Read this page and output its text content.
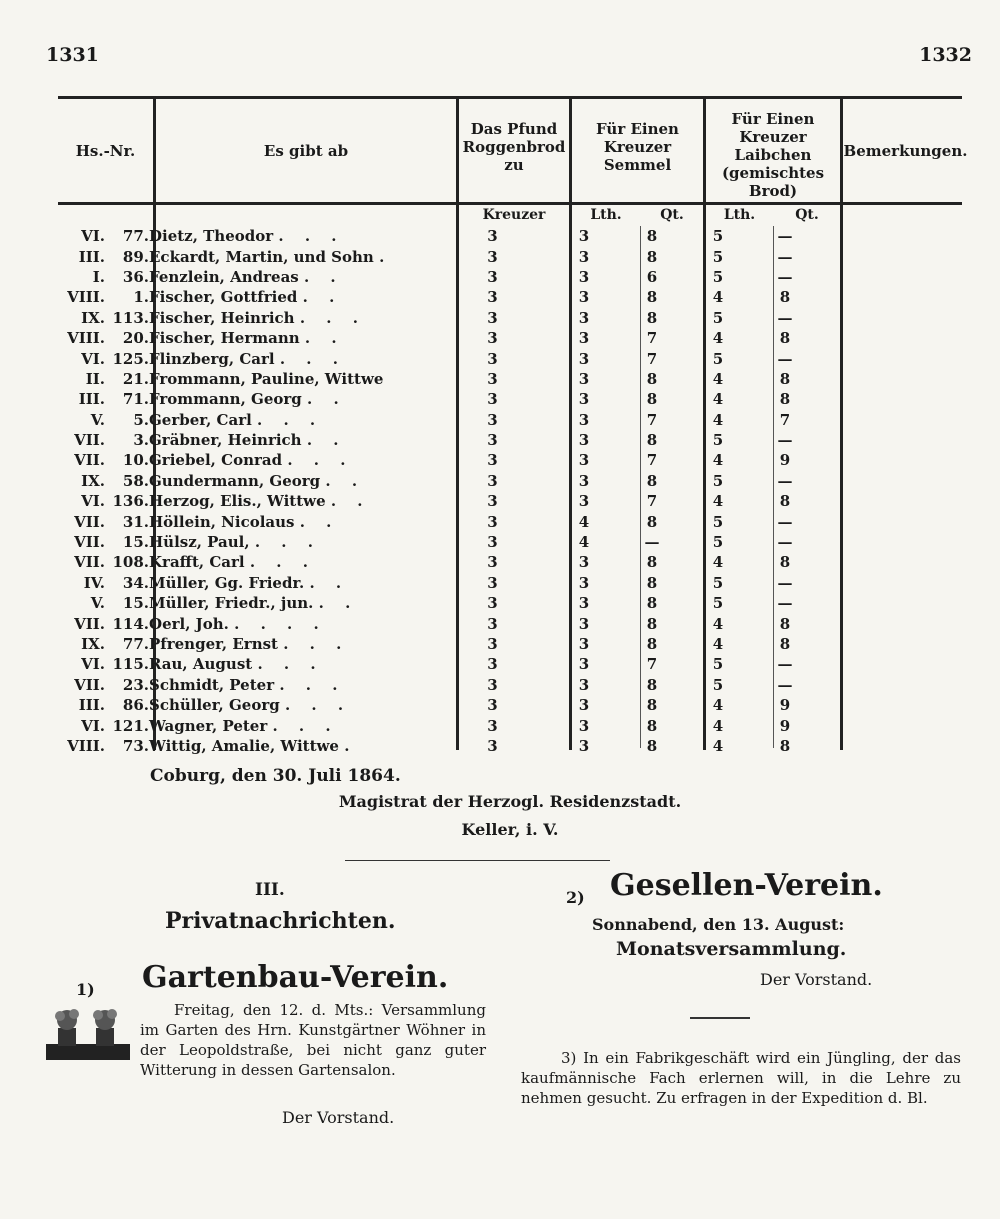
1331	1332
Hs.-Nr.	Es gibt ab
Das Pfund Roggenbrod zu
Für Einen Kreuzer Semmel
Für Einen Kreuzer Laibchen (gemischtes Brod)
Bemerkungen.
Kreuzer	Lth.	Qt.	Lth.	Qt.
VI.	77.	Dietz, Theodor . . .	3	3	8	5	—
III.	89.	Eckardt, Martin, und Sohn .	3	3	8	5	—
I.	36.	Fenzlein, Andreas . .	3	3	6	5	—
VIII.	1.	Fischer, Gottfried . .	3	3	8	4	8
IX.	113.	Fischer, Heinrich . . .	3	3	8	5	—
VIII.	20.	Fischer, Hermann . .	3	3	7	4	8
VI.	125.	Flinzberg, Carl . . .	3	3	7	5	—
II.	21.	Frommann, Pauline, Wittwe	3	3	8	4	8
III.	71.	Frommann, Georg . .	3	3	8	4	8
V.	5.	Gerber, Carl . . .	3	3	7	4	7
VII.	3.	Gräbner, Heinrich . .	3	3	8	5	—
VII.	10.	Griebel, Conrad . . .	3	3	7	4	9
IX.	58.	Gundermann, Georg . .	3	3	8	5	—
VI.	136.	Herzog, Elis., Wittwe . .	3	3	7	4	8
VII.	31.	Höllein, Nicolaus . .	3	4	8	5	—
VII.	15.	Hülsz, Paul, . . .	3	4	—	5	—
VII.	108.	Krafft, Carl . . .	3	3	8	4	8
IV.	34.	Müller, Gg. Friedr. . .	3	3	8	5	—
V.	15.	Müller, Friedr., jun. . .	3	3	8	5	—
VII.	114.	Oerl, Joh. . . . .	3	3	8	4	8
IX.	77.	Pfrenger, Ernst . . .	3	3	8	4	8
VI.	115.	Rau, August . . .	3	3	7	5	—
VII.	23.	Schmidt, Peter . . .	3	3	8	5	—
III.	86.	Schüller, Georg . . .	3	3	8	4	9
VI.	121.	Wagner, Peter . . .	3	3	8	4	9
VIII.	73.	Wittig, Amalie, Wittwe .	3	3	8	4	8
Coburg, den 30. Juli 1864.
Magistrat der Herzogl. Residenzstadt.
Keller, i. V.
III.
Privatnachrichten.
1) Gartenbau-Verein.
Freitag, den 12. d. Mts.: Versammlung im Garten des Hrn. Kunstgärtner Wöhner in der Leopoldstraße, bei nicht ganz guter Witterung in dessen Gartensalon.
Der Vorstand.
2) Gesellen-Verein.
Sonnabend, den 13. August:
Monatsversammlung.
Der Vorstand.
3) In ein Fabrikgeschäft wird ein Jüngling, der das kaufmännische Fach erlernen will, in die Lehre zu nehmen gesucht. Zu erfragen in der Expedition d. Bl.
